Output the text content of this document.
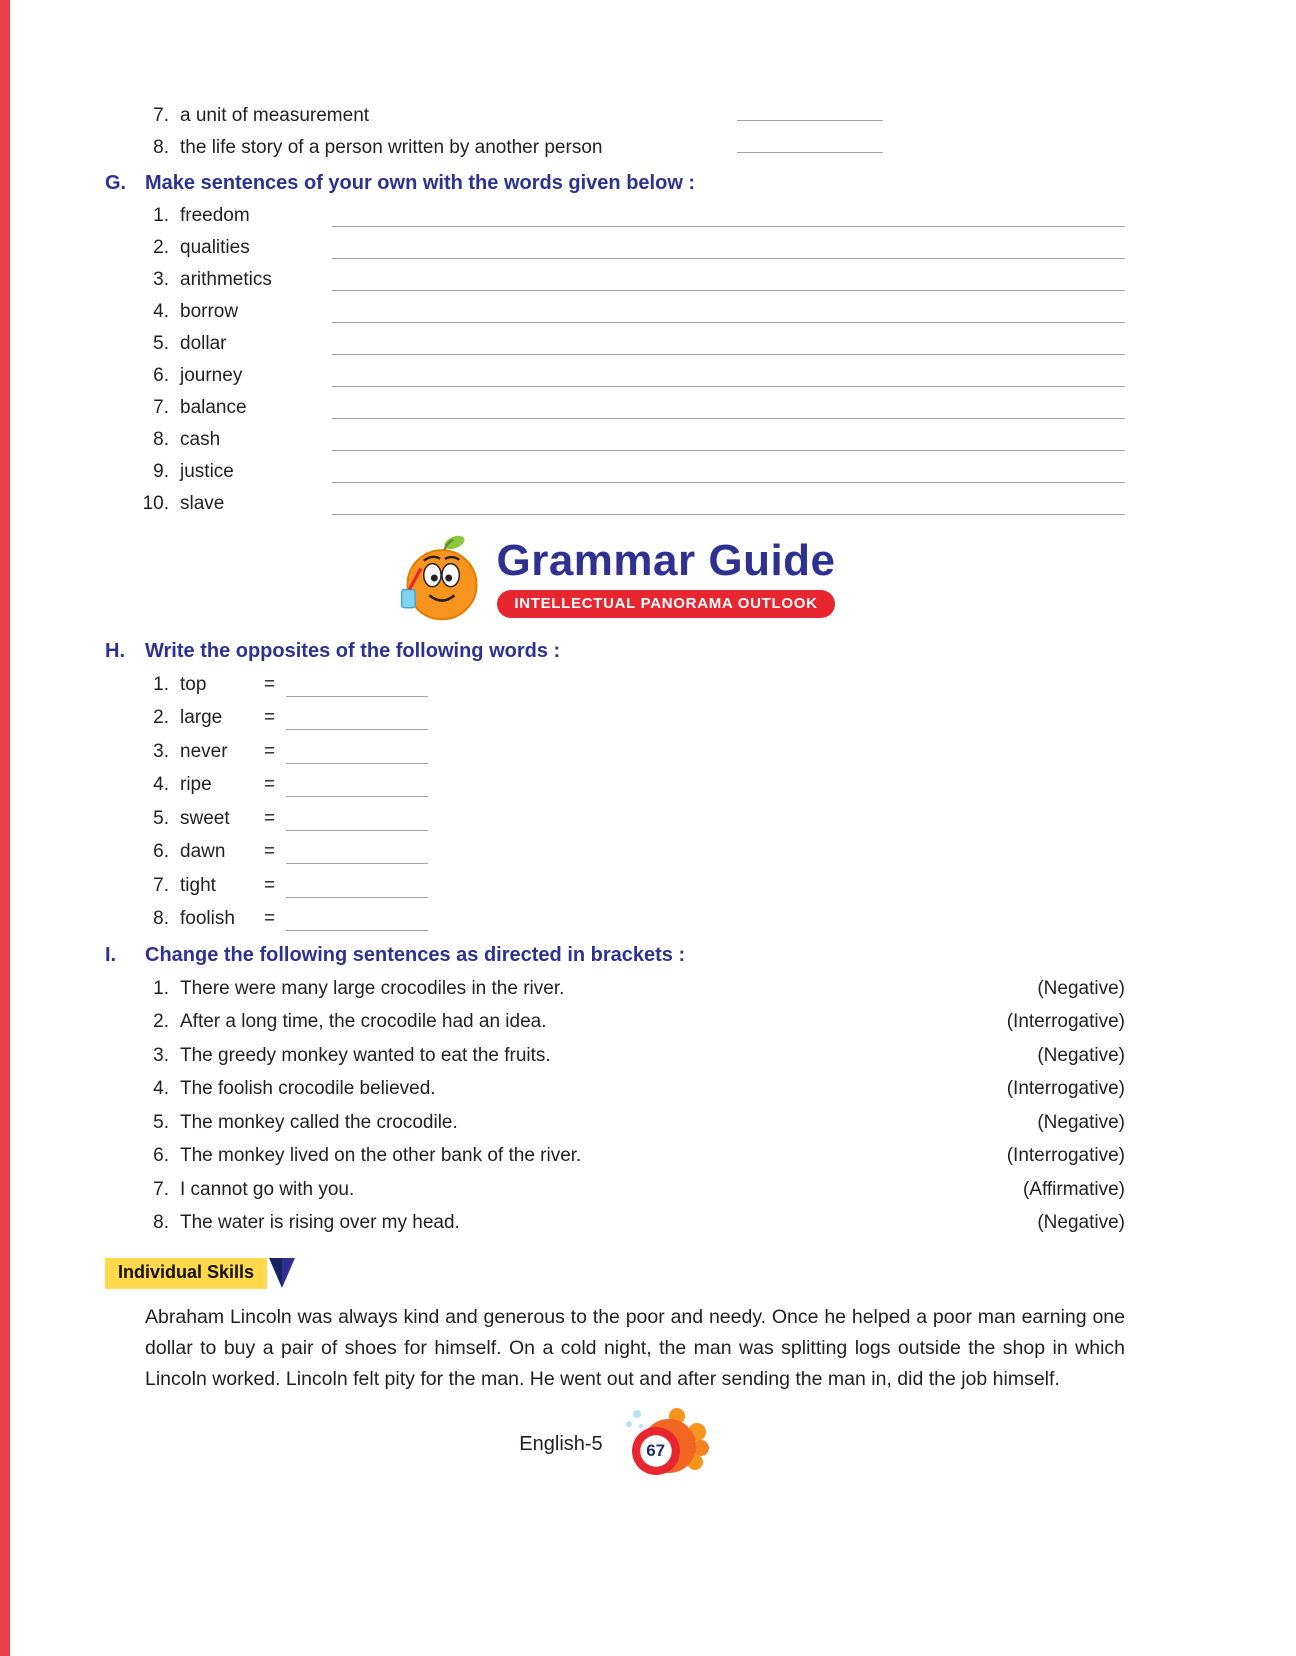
7. a unit of measurement
8. the life story of a person written by another person
G. Make sentences of your own with the words given below :
1. freedom
2. qualities
3. arithmetics
4. borrow
5. dollar
6. journey
7. balance
8. cash
9. justice
10. slave
Grammar Guide
INTELLECTUAL PANORAMA OUTLOOK
H.	Write the opposites of the following words :
1. top	=
2. large	=
3. never	=
4. ripe	=
5. sweet	=
6. dawn	=
7. tight	=
8. foolish	=
I.	Change the following sentences as directed in brackets :
1. There were many large crocodiles in the river.	(Negative)
2. After a long time, the crocodile had an idea.	(Interrogative)
3. The greedy monkey wanted to eat the fruits.	(Negative)
4. The foolish crocodile believed.	(Interrogative)
5. The monkey called the crocodile.	(Negative)
6. The monkey lived on the other bank of the river.	(Interrogative)
7. I cannot go with you.	(Affirmative)
8. The water is rising over my head.	(Negative)
Individual Skills

Abraham Lincoln was always kind and generous to the poor and needy. Once he helped a poor man earning one dollar to buy a pair of shoes for himself. On a cold night, the man was splitting logs outside the shop in which Lincoln worked. Lincoln felt pity for the man. He went out and after sending the man in, did the job himself.

English-5	67
